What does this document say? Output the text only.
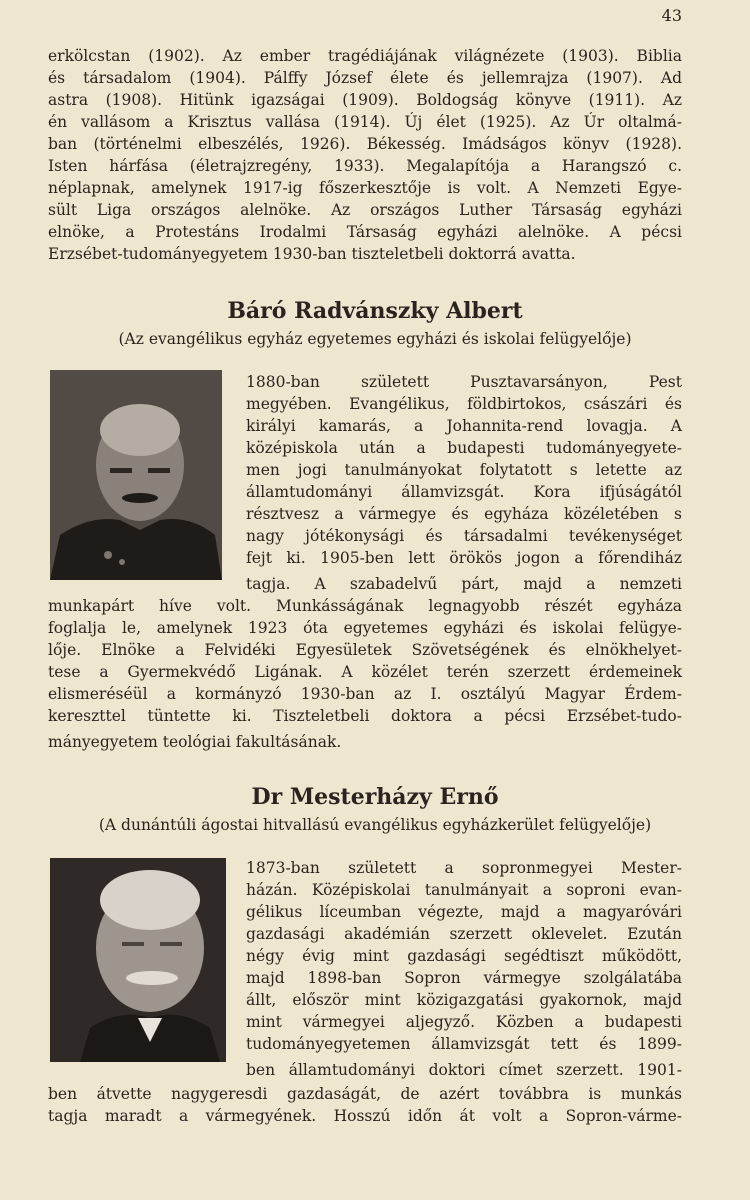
43
erkölcstan (1902). Az ember tragédiájának világnézete (1903). Biblia
és társadalom (1904). Pálffy József élete és jellemrajza (1907). Ad
astra (1908). Hitünk igazságai (1909). Boldogság könyve (1911). Az
én vallásom a Krisztus vallása (1914). Új élet (1925). Az Úr oltalmá-
ban (történelmi elbeszélés, 1926). Békesség. Imádságos könyv (1928).
Isten hárfása (életrajzregény, 1933). Megalapítója a Harangszó c.
néplapnak, amelynek 1917-ig főszerkesztője is volt. A Nemzeti Egye-
sült Liga országos alelnöke. Az országos Luther Társaság egyházi
elnöke, a Protestáns Irodalmi Társaság egyházi alelnöke. A pécsi
Erzsébet-tudományegyetem 1930-ban tiszteletbeli doktorrá avatta.
Báró Radvánszky Albert
(Az evangélikus egyház egyetemes egyházi és iskolai felügyelője)
1880-ban született Pusztavarsányon, Pest
megyében. Evangélikus, földbirtokos, császári és
királyi kamarás, a Johannita-rend lovagja. A
középiskola után a budapesti tudományegyete-
men jogi tanulmányokat folytatott s letette az
államtudományi államvizsgát. Kora ifjúságától
résztvesz a vármegye és egyháza közéletében s
nagy jótékonysági és társadalmi tevékenységet
fejt ki. 1905-ben lett örökös jogon a főrendiház
tagja. A szabadelvű párt, majd a nemzeti
munkapárt híve volt. Munkásságának legnagyobb részét egyháza
foglalja le, amelynek 1923 óta egyetemes egyházi és iskolai felügye-
lője. Elnöke a Felvidéki Egyesületek Szövetségének és elnökhelyet-
tese a Gyermekvédő Ligának. A közélet terén szerzett érdemeinek
elismeréséül a kormányzó 1930-ban az I. osztályú Magyar Érdem-
kereszttel tüntette ki. Tiszteletbeli doktora a pécsi Erzsébet-tudo-
mányegyetem teológiai fakultásának.
Dr Mesterházy Ernő
(A dunántúli ágostai hitvallású evangélikus egyházkerület felügyelője)
1873-ban született a sopronmegyei Mester-
házán. Középiskolai tanulmányait a soproni evan-
gélikus líceumban végezte, majd a magyaróvári
gazdasági akadémián szerzett oklevelet. Ezután
négy évig mint gazdasági segédtiszt működött,
majd 1898-ban Sopron vármegye szolgálatába
állt, először mint közigazgatási gyakornok, majd
mint vármegyei aljegyző. Közben a budapesti
tudományegyetemen államvizsgát tett és 1899-
ben államtudományi doktori címet szerzett. 1901-
ben átvette nagygeresdi gazdaságát, de azért továbbra is munkás
tagja maradt a vármegyének. Hosszú időn át volt a Sopron-várme-
